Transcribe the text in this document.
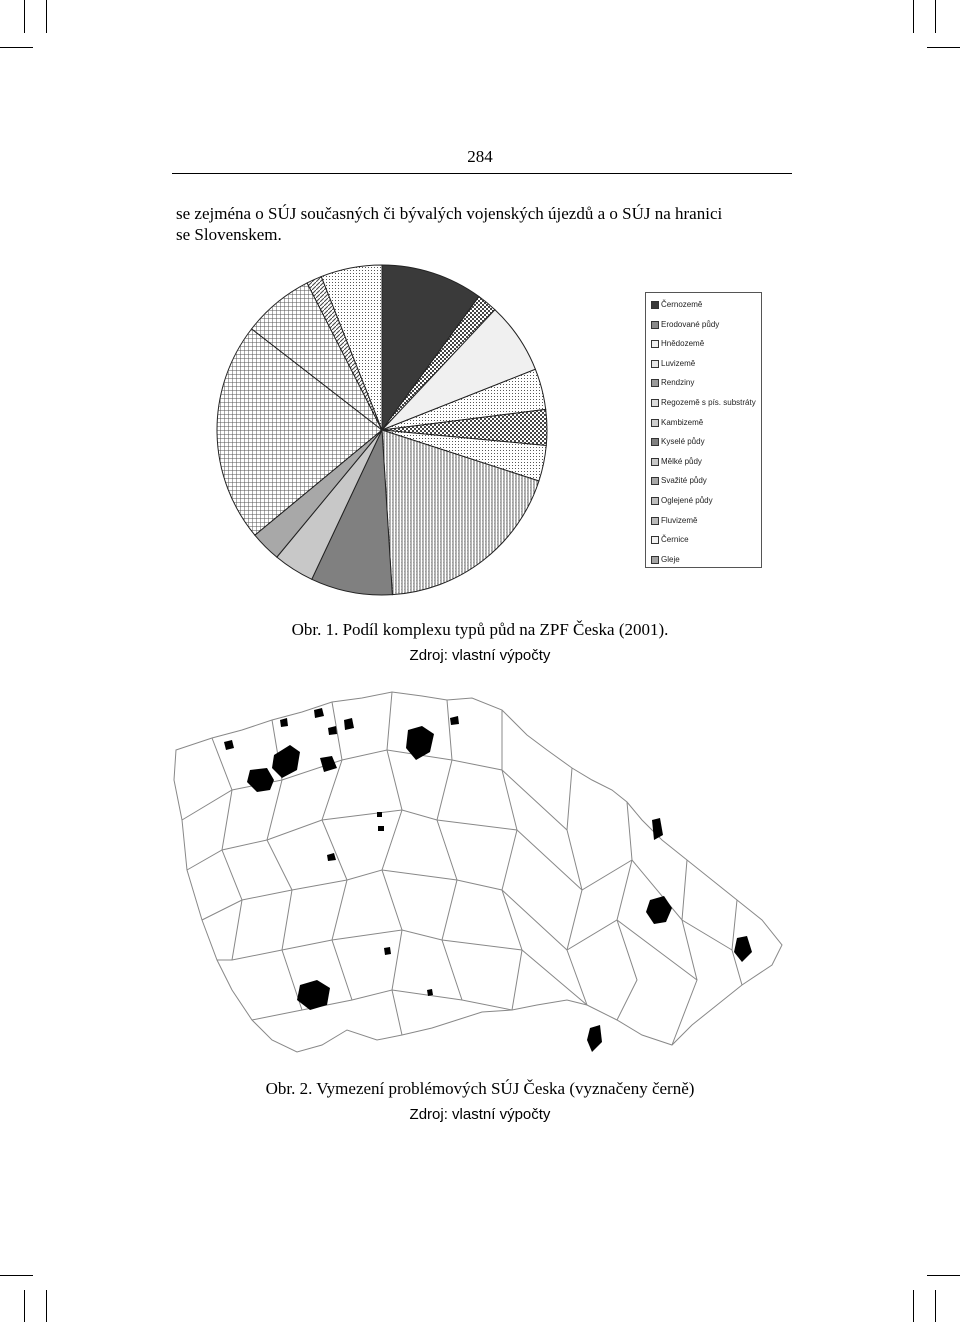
284
se zejména o SÚJ současných či bývalých vojenských újezdů a o SÚJ na hranici
se Slovenskem.
Černozemě
Erodované půdy
Hnědozemě
Luvizemě
Rendziny
Regozemě s pís. substráty
Kambizemě
Kyselé půdy
Mělké půdy
Svažité půdy
Oglejené půdy
Fluvizemě
Černice
Gleje
Obr. 1. Podíl komplexu typů půd na ZPF Česka (2001).
Zdroj: vlastní výpočty
Obr. 2. Vymezení problémových SÚJ Česka (vyznačeny černě)
Zdroj: vlastní výpočty
